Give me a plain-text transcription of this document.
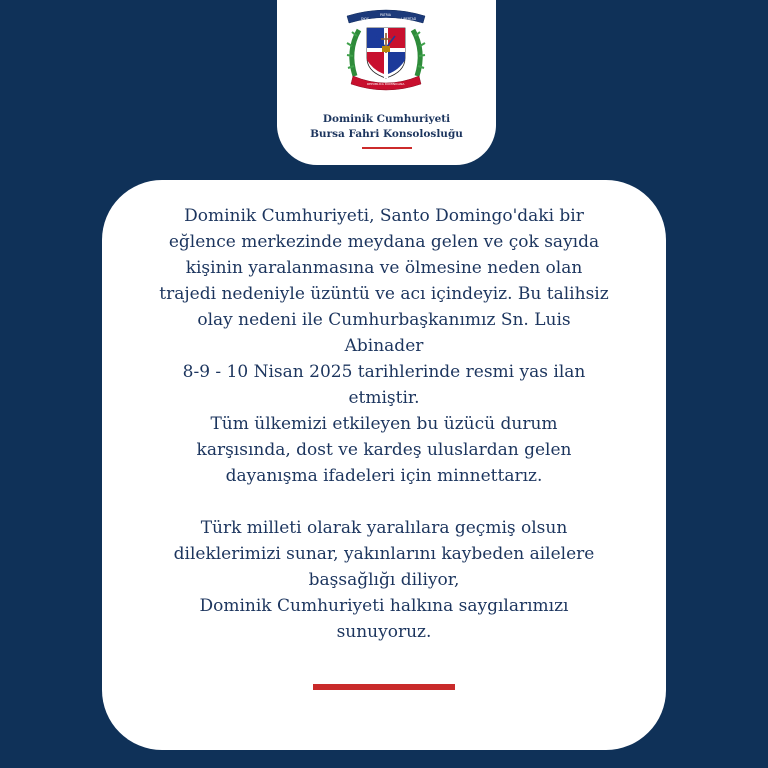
DIOS
PATRIA
LIBERTAD
REPUBLICA DOMINICANA
Dominik Cumhuriyeti
Bursa Fahri Konsolosluğu

Dominik Cumhuriyeti, Santo Domingo'daki bir

eğlence merkezinde meydana gelen ve çok sayıda

kişinin yaralanmasına ve ölmesine neden olan

trajedi nedeniyle üzüntü ve acı içindeyiz. Bu talihsiz

olay nedeni ile Cumhurbaşkanımız Sn. Luis

Abinader

8-9 - 10 Nisan 2025 tarihlerinde resmi yas ilan

etmiştir.

Tüm ülkemizi etkileyen bu üzücü durum

karşısında, dost ve kardeş uluslardan gelen

dayanışma ifadeleri için minnettarız.

Türk milleti olarak yaralılara geçmiş olsun

dileklerimizi sunar, yakınlarını kaybeden ailelere

başsağlığı diliyor,

Dominik Cumhuriyeti halkına saygılarımızı

sunuyoruz.
